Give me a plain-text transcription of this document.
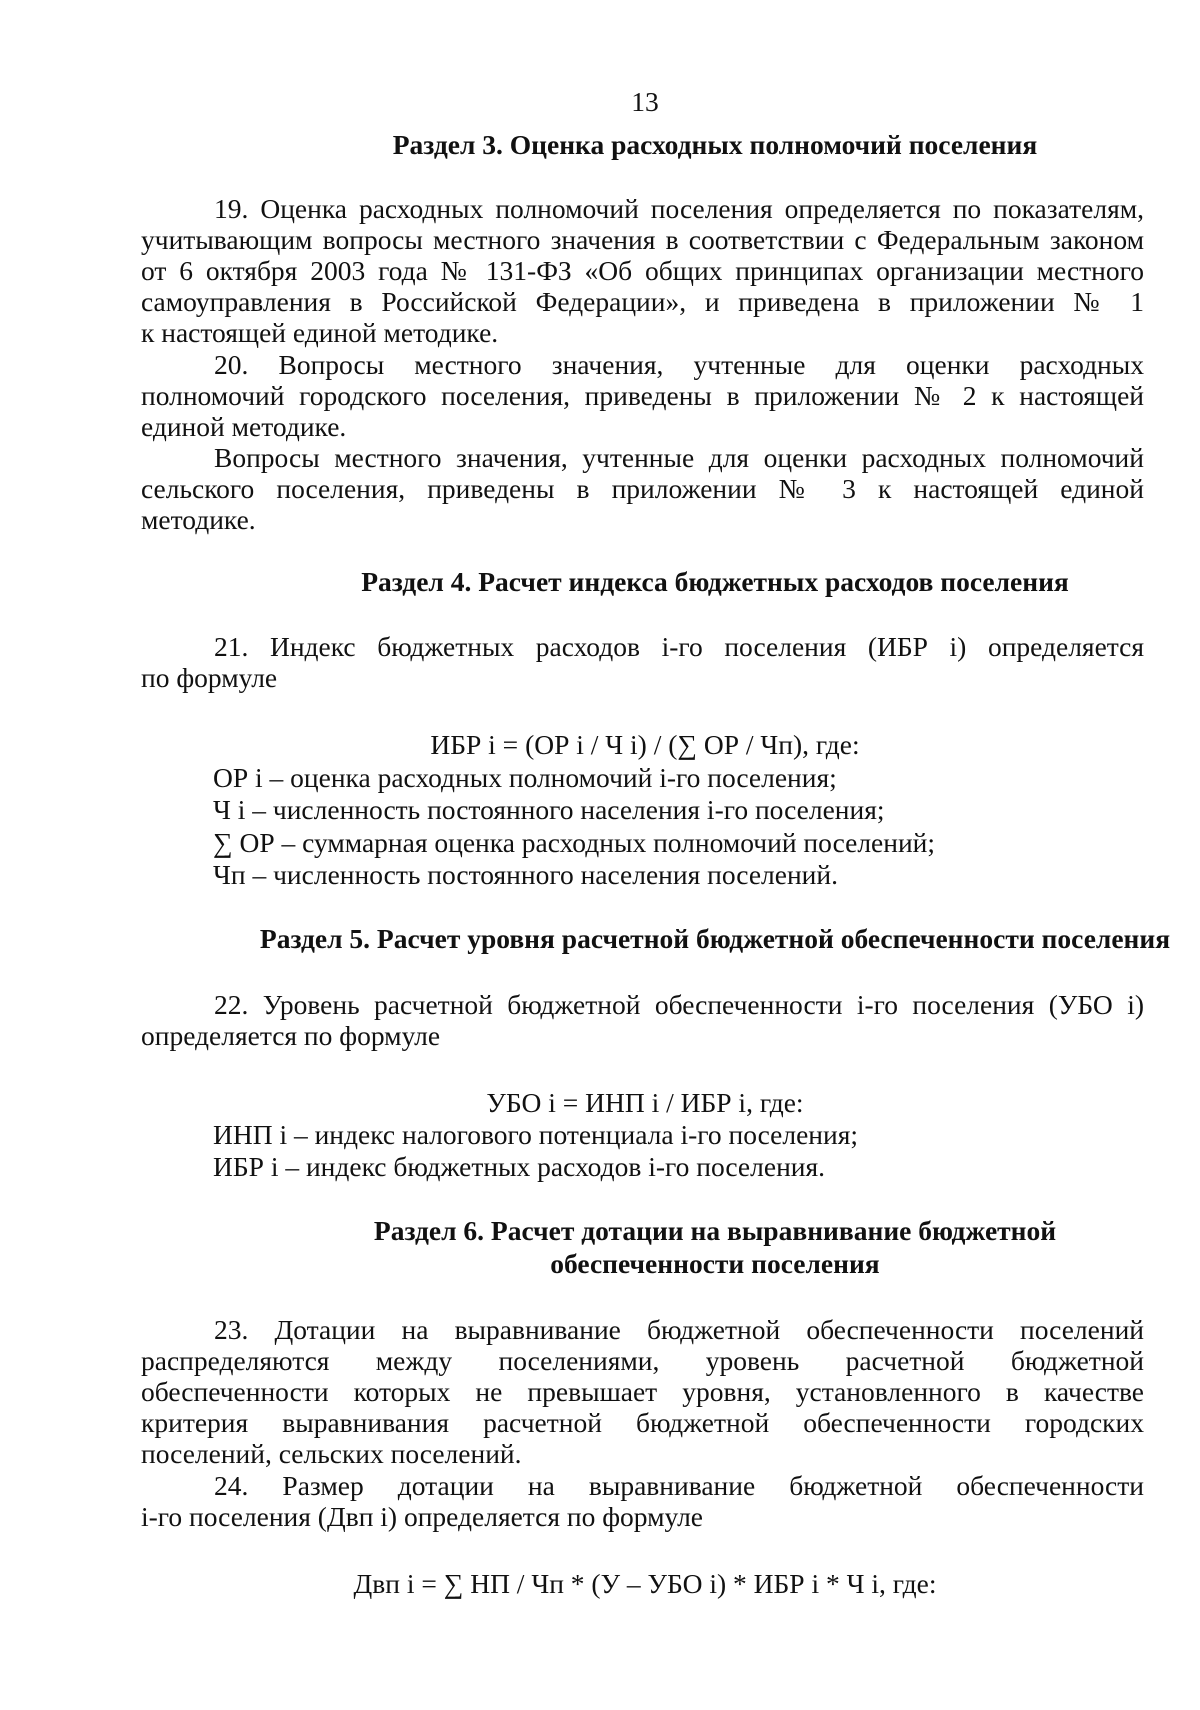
13
Раздел 3. Оценка расходных полномочий поселения
19. Оценка расходных полномочий поселения определяется по показателям,
учитывающим вопросы местного значения в соответствии с Федеральным законом
от 6 октября 2003 года № 131-ФЗ «Об общих принципах организации местного
самоуправления в Российской Федерации», и приведена в приложении № 1
к настоящей единой методике.
20. Вопросы местного значения, учтенные для оценки расходных
полномочий городского поселения, приведены в приложении № 2 к настоящей
единой методике.
Вопросы местного значения, учтенные для оценки расходных полномочий
сельского поселения, приведены в приложении № 3 к настоящей единой
методике.
Раздел 4. Расчет индекса бюджетных расходов поселения
21. Индекс бюджетных расходов i-го поселения (ИБР i) определяется
по формуле
ИБР i = (ОР i / Ч i) / (∑ ОР / Чп), где:
ОР i – оценка расходных полномочий i-го поселения;
Ч i – численность постоянного населения i-го поселения;
∑ ОР – суммарная оценка расходных полномочий поселений;
Чп – численность постоянного населения поселений.
Раздел 5. Расчет уровня расчетной бюджетной обеспеченности поселения
22. Уровень расчетной бюджетной обеспеченности i-го поселения (УБО i)
определяется по формуле
УБО i = ИНП i / ИБР i, где:
ИНП i – индекс налогового потенциала i-го поселения;
ИБР i – индекс бюджетных расходов i-го поселения.
Раздел 6. Расчет дотации на выравнивание бюджетной
обеспеченности поселения
23. Дотации на выравнивание бюджетной обеспеченности поселений
распределяются между поселениями, уровень расчетной бюджетной
обеспеченности которых не превышает уровня, установленного в качестве
критерия выравнивания расчетной бюджетной обеспеченности городских
поселений, сельских поселений.
24. Размер дотации на выравнивание бюджетной обеспеченности
i-го поселения (Двп i) определяется по формуле
Двп i = ∑ НП / Чп * (У – УБО i) * ИБР i * Ч i, где:
